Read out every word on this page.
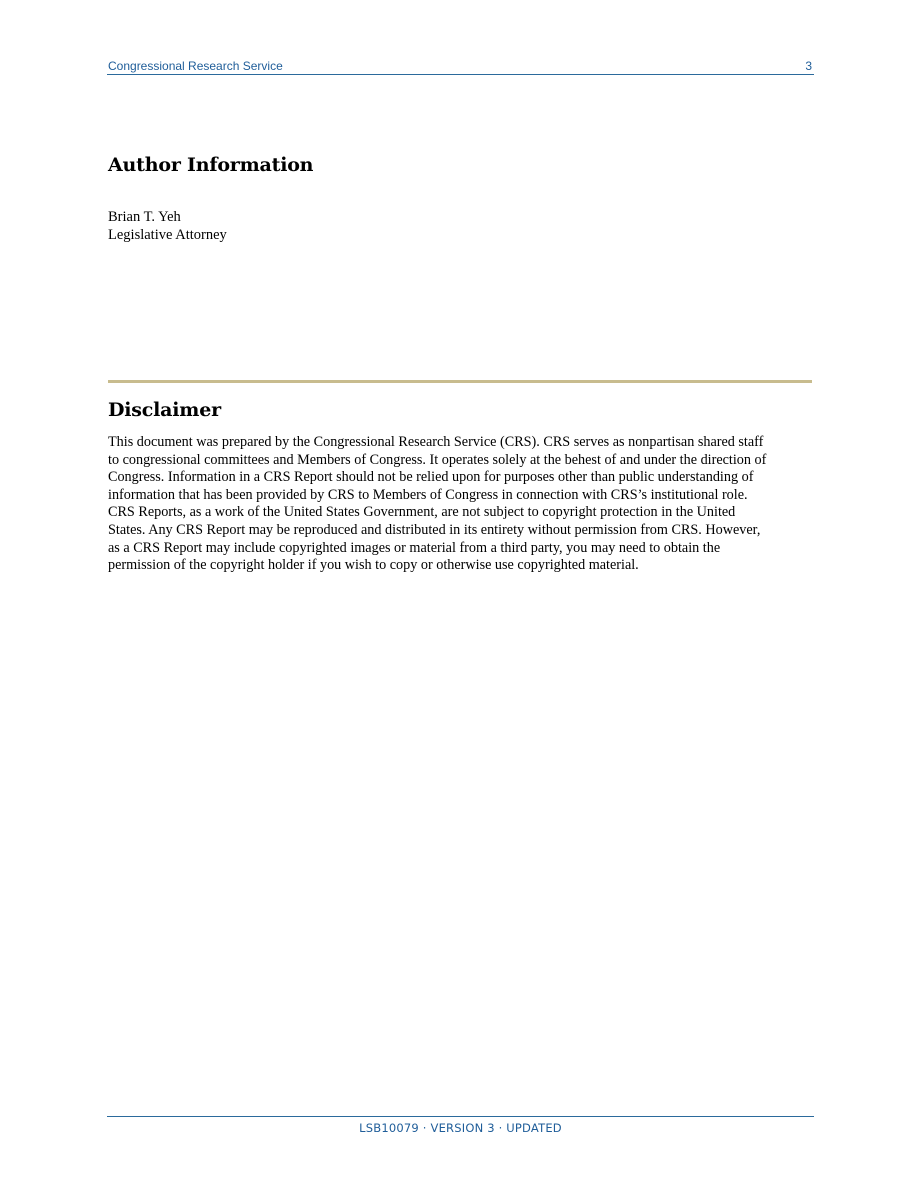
Congressional Research Service	3
Author Information
Brian T. Yeh
Legislative Attorney
Disclaimer
This document was prepared by the Congressional Research Service (CRS). CRS serves as nonpartisan shared staff
to congressional committees and Members of Congress. It operates solely at the behest of and under the direction of
Congress. Information in a CRS Report should not be relied upon for purposes other than public understanding of
information that has been provided by CRS to Members of Congress in connection with CRS’s institutional role.
CRS Reports, as a work of the United States Government, are not subject to copyright protection in the United
States. Any CRS Report may be reproduced and distributed in its entirety without permission from CRS. However,
as a CRS Report may include copyrighted images or material from a third party, you may need to obtain the
permission of the copyright holder if you wish to copy or otherwise use copyrighted material.
LSB10079 · VERSION 3 · UPDATED
